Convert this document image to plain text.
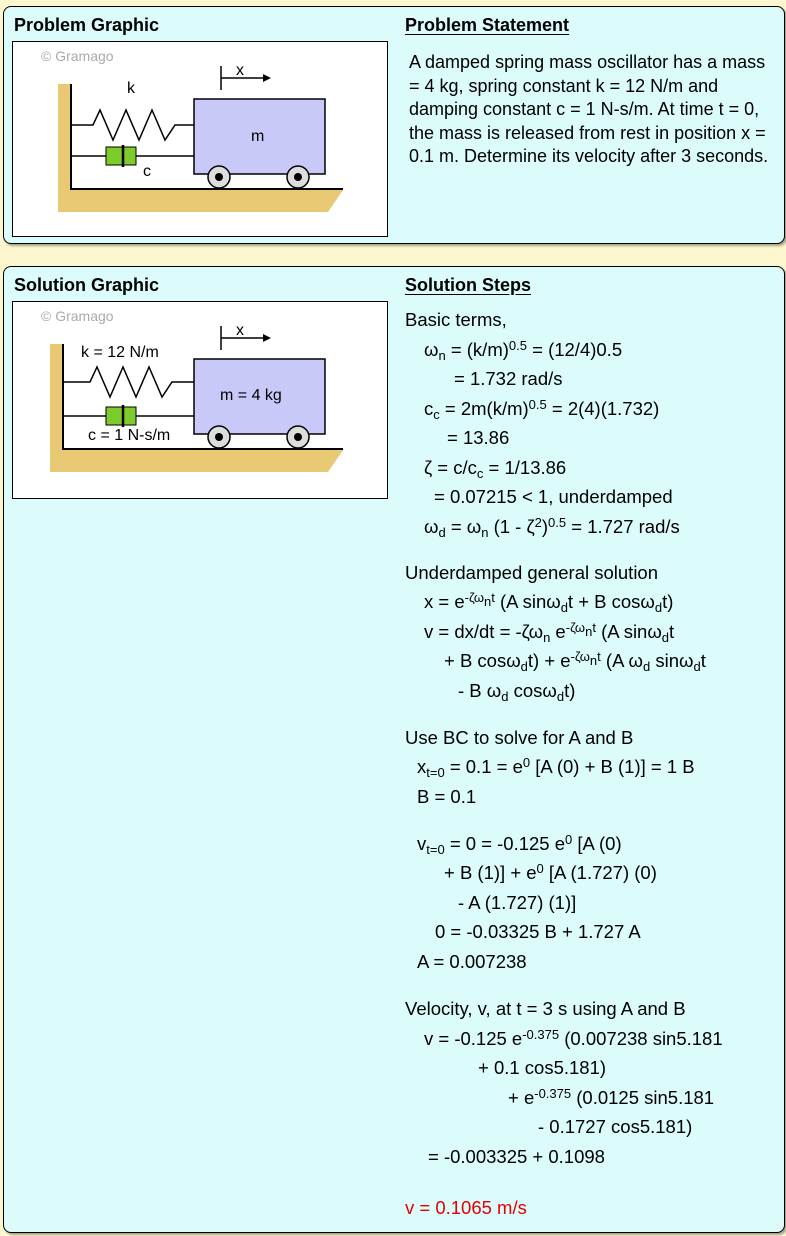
Problem Graphic	Problem Statement
© Gramago
x
k
m
c
A damped spring mass oscillator has a mass = 4 kg, spring constant k = 12 N/m and damping constant c = 1 N-s/m. At time t = 0, the mass is released from rest in position x = 0.1 m. Determine its velocity after 3 seconds.
Solution Graphic	Solution Steps
© Gramago
x
k = 12 N/m
m = 4 kg
c = 1 N-s/m
Basic terms,
$\omega_n = (k/m)^{0.5} = (12/4)0.5$
= 1.732 rad/s
$c_c = 2m(k/m)^{0.5} = 2(4)(1.732)$
= 13.86
$\zeta = c/c_c = 1/13.86$
= 0.07215 < 1, underdamped
$\omega_d = \omega_n$ $(1 - \zeta^2)^{0.5} = 1.727$ rad/s
Underdamped general solution
$x = e^{-\zeta\omega_nt}$ (A sinω$_d$t + B cosω$_d$t)
$v = dx/dt = -\zeta\omega_n$ $e^{-\zeta\omega_nt}$ (A sinω$_d$t
+ B $\cos\omega_dt) + e^{-\zeta\omega_nt}$ (A $\omega_d$ sinω$_d$t
- B $\omega_d$ cosω$_d$t)
Use BC to solve for A and B
$x_{t=0} = 0.1 = e^0$ [A (0) + B (1)] = 1 B
B = 0.1
$v_{t=0} = 0 = -0.125$ $e^0$ [A (0)
+ B $(1)] + e^0$ [A (1.727) (0)
- A (1.727) (1)]
0 = -0.03325 B + 1.727 A
A = 0.007238
Velocity, v, at t = 3 s using A and B
v = -0.125 $e^{-0.375}$ (0.007238 sin5.181
+ 0.1 cos5.181)
+ $e^{-0.375}$ (0.0125 sin5.181
- 0.1727 cos5.181)
= -0.003325 + 0.1098
v = 0.1065 m/s
